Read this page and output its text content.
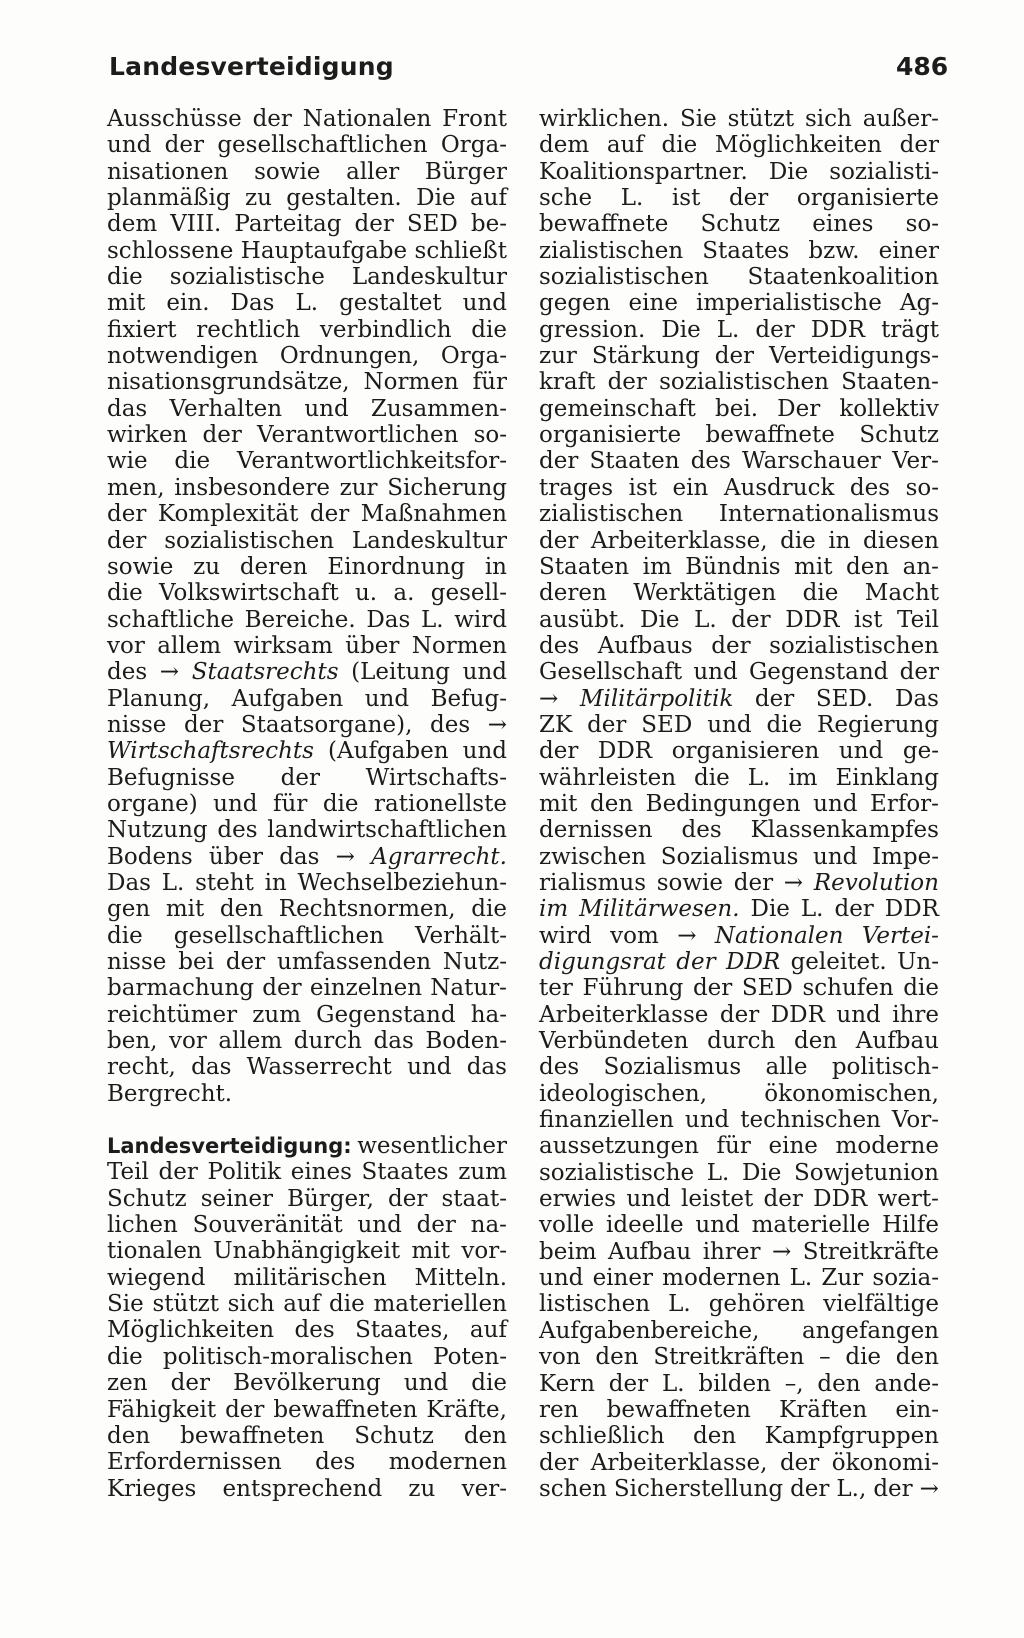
Landesverteidigung	486
Ausschüsse der Nationalen Front
und der gesellschaftlichen Orga-
nisationen sowie aller Bürger
planmäßig zu gestalten. Die auf
dem VIII. Parteitag der SED be-
schlossene Hauptaufgabe schließt
die sozialistische Landeskultur
mit ein. Das L. gestaltet und
fixiert rechtlich verbindlich die
notwendigen Ordnungen, Orga-
nisationsgrundsätze, Normen für
das Verhalten und Zusammen-
wirken der Verantwortlichen so-
wie die Verantwortlichkeitsfor-
men, insbesondere zur Sicherung
der Komplexität der Maßnahmen
der sozialistischen Landeskultur
sowie zu deren Einordnung in
die Volkswirtschaft u. a. gesell-
schaftliche Bereiche. Das L. wird
vor allem wirksam über Normen
des → Staatsrechts (Leitung und
Planung, Aufgaben und Befug-
nisse der Staatsorgane), des →
Wirtschaftsrechts (Aufgaben und
Befugnisse der Wirtschafts-
organe) und für die rationellste
Nutzung des landwirtschaftlichen
Bodens über das → Agrarrecht.
Das L. steht in Wechselbeziehun-
gen mit den Rechtsnormen, die
die gesellschaftlichen Verhält-
nisse bei der umfassenden Nutz-
barmachung der einzelnen Natur-
reichtümer zum Gegenstand ha-
ben, vor allem durch das Boden-
recht, das Wasserrecht und das
Bergrecht.
Landesverteidigung: wesentlicher
Teil der Politik eines Staates zum
Schutz seiner Bürger, der staat-
lichen Souveränität und der na-
tionalen Unabhängigkeit mit vor-
wiegend militärischen Mitteln.
Sie stützt sich auf die materiellen
Möglichkeiten des Staates, auf
die politisch-moralischen Poten-
zen der Bevölkerung und die
Fähigkeit der bewaffneten Kräfte,
den bewaffneten Schutz den
Erfordernissen des modernen
Krieges entsprechend zu ver-
wirklichen. Sie stützt sich außer-
dem auf die Möglichkeiten der
Koalitionspartner. Die sozialisti-
sche L. ist der organisierte
bewaffnete Schutz eines so-
zialistischen Staates bzw. einer
sozialistischen Staatenkoalition
gegen eine imperialistische Ag-
gression. Die L. der DDR trägt
zur Stärkung der Verteidigungs-
kraft der sozialistischen Staaten-
gemeinschaft bei. Der kollektiv
organisierte bewaffnete Schutz
der Staaten des Warschauer Ver-
trages ist ein Ausdruck des so-
zialistischen Internationalismus
der Arbeiterklasse, die in diesen
Staaten im Bündnis mit den an-
deren Werktätigen die Macht
ausübt. Die L. der DDR ist Teil
des Aufbaus der sozialistischen
Gesellschaft und Gegenstand der
→ Militärpolitik der SED. Das
ZK der SED und die Regierung
der DDR organisieren und ge-
währleisten die L. im Einklang
mit den Bedingungen und Erfor-
dernissen des Klassenkampfes
zwischen Sozialismus und Impe-
rialismus sowie der → Revolution
im Militärwesen. Die L. der DDR
wird vom → Nationalen Vertei-
digungsrat der DDR geleitet. Un-
ter Führung der SED schufen die
Arbeiterklasse der DDR und ihre
Verbündeten durch den Aufbau
des Sozialismus alle politisch-
ideologischen, ökonomischen,
finanziellen und technischen Vor-
aussetzungen für eine moderne
sozialistische L. Die Sowjetunion
erwies und leistet der DDR wert-
volle ideelle und materielle Hilfe
beim Aufbau ihrer → Streitkräfte
und einer modernen L. Zur sozia-
listischen L. gehören vielfältige
Aufgabenbereiche, angefangen
von den Streitkräften – die den
Kern der L. bilden –, den ande-
ren bewaffneten Kräften ein-
schließlich den Kampfgruppen
der Arbeiterklasse, der ökonomi-
schen Sicherstellung der L., der →
